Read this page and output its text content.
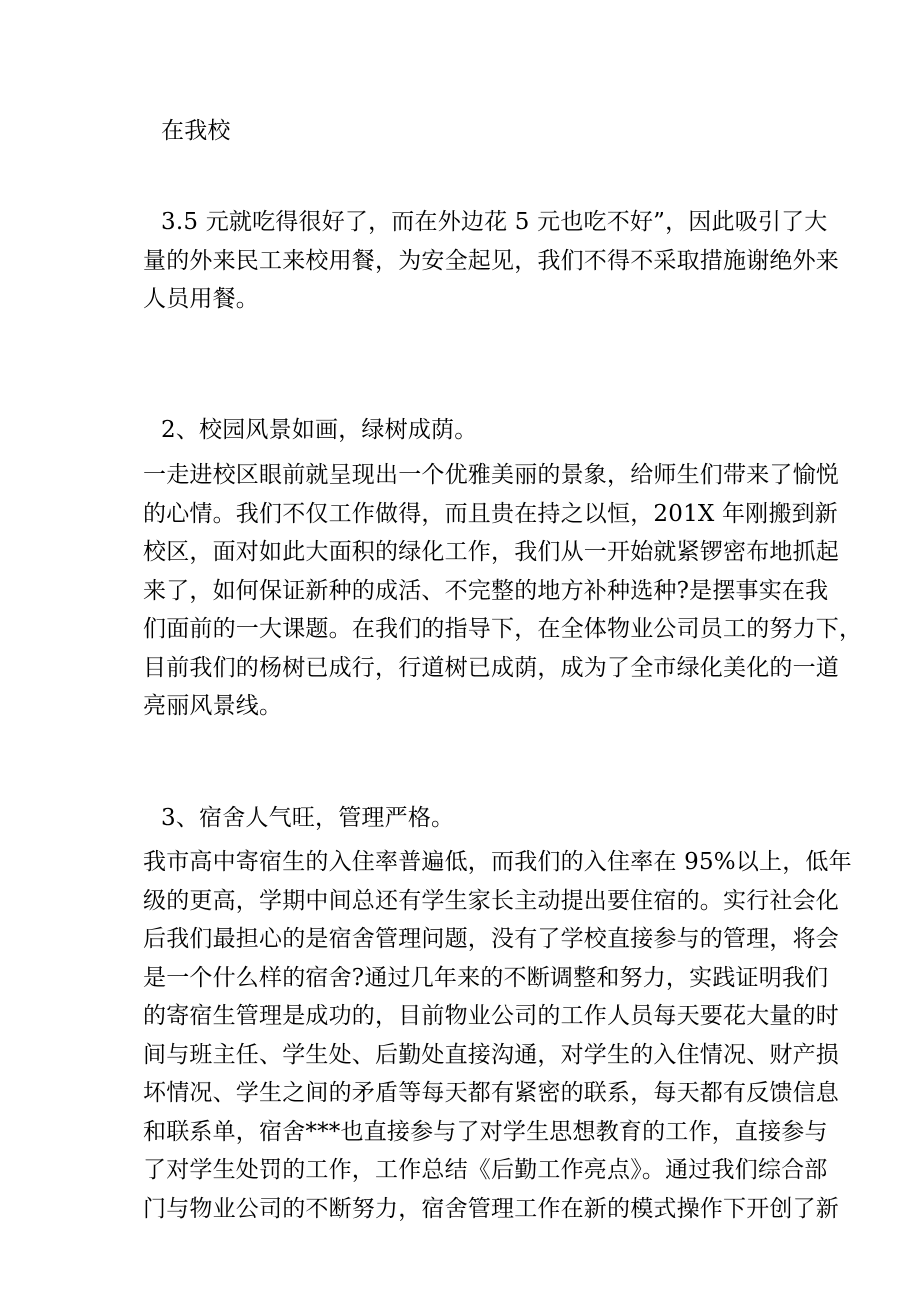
在我校
3.5 元就吃得很好了，而在外边花 5 元也吃不好”，因此吸引了大
量的外来民工来校用餐，为安全起见，我们不得不采取措施谢绝外来
人员用餐。
2、校园风景如画，绿树成荫。
一走进校区眼前就呈现出一个优雅美丽的景象，给师生们带来了愉悦
的心情。我们不仅工作做得，而且贵在持之以恒，201X 年刚搬到新
校区，面对如此大面积的绿化工作，我们从一开始就紧锣密布地抓起
来了，如何保证新种的成活、不完整的地方补种选种?是摆事实在我
们面前的一大课题。在我们的指导下，在全体物业公司员工的努力下，
目前我们的杨树已成行，行道树已成荫，成为了全市绿化美化的一道
亮丽风景线。
3、宿舍人气旺，管理严格。
我市高中寄宿生的入住率普遍低，而我们的入住率在 95%以上，低年
级的更高，学期中间总还有学生家长主动提出要住宿的。实行社会化
后我们最担心的是宿舍管理问题，没有了学校直接参与的管理，将会
是一个什么样的宿舍?通过几年来的不断调整和努力，实践证明我们
的寄宿生管理是成功的，目前物业公司的工作人员每天要花大量的时
间与班主任、学生处、后勤处直接沟通，对学生的入住情况、财产损
坏情况、学生之间的矛盾等每天都有紧密的联系，每天都有反馈信息
和联系单，宿舍***也直接参与了对学生思想教育的工作，直接参与
了对学生处罚的工作，工作总结《后勤工作亮点》。通过我们综合部
门与物业公司的不断努力，宿舍管理工作在新的模式操作下开创了新
